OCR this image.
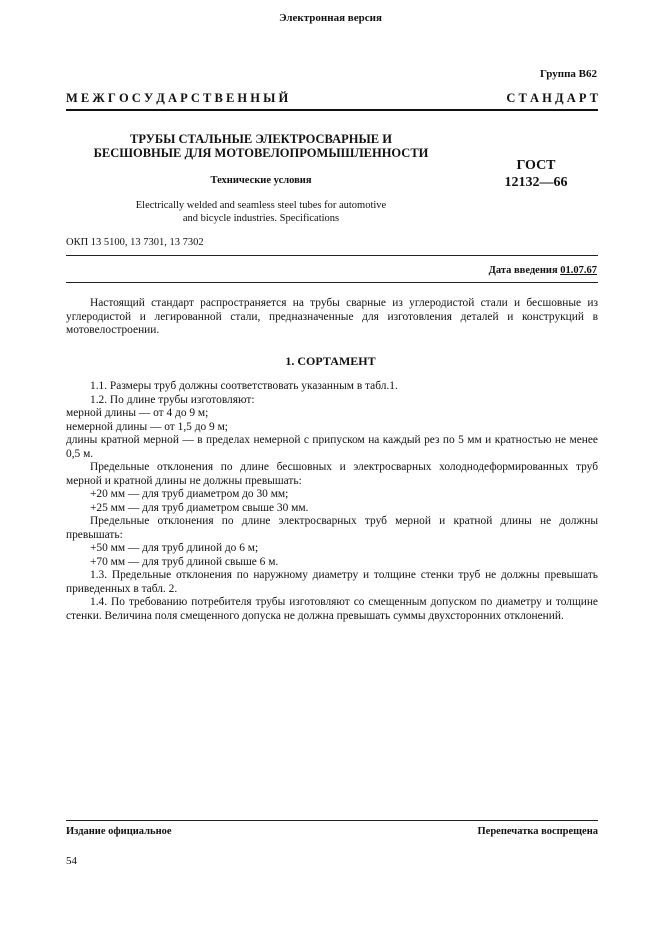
Электронная версия
Группа В62
М Е Ж Г О С У Д А Р С Т В Е Н Н Ы Й	С Т А Н Д А Р Т
ТРУБЫ СТАЛЬНЫЕ ЭЛЕКТРОСВАРНЫЕ И
БЕСШОВНЫЕ ДЛЯ МОТОВЕЛОПРОМЫШЛЕННОСТИ
Технические условия
Electrically welded and seamless steel tubes for automotive
and bicycle industries. Specifications
ГОСТ
12132—66
ОКП 13 5100, 13 7301, 13 7302
Дата введения 01.07.67

Настоящий стандарт распространяется на трубы сварные из углеродистой стали и бесшовные из углеродистой и легированной стали, предназначенные для изготовления деталей и конструкций в мотовелостроении.

1. СОРТАМЕНТ

1.1. Размеры труб должны соответствовать указанным в табл.1.

1.2. По длине трубы изготовляют:

мерной длины — от 4 до 9 м;

немерной длины — от 1,5 до 9 м;

длины кратной мерной — в пределах немерной с припуском на каждый рез по 5 мм и кратностью не менее 0,5 м.

Предельные отклонения по длине бесшовных и электросварных холоднодеформированных труб мерной и кратной длины не должны превышать:

+20 мм — для труб диаметром до 30 мм;

+25 мм — для труб диаметром свыше 30 мм.

Предельные отклонения по длине электросварных труб мерной и кратной длины не должны превышать:

+50 мм — для труб длиной до 6 м;

+70 мм — для труб длиной свыше 6 м.

1.3. Предельные отклонения по наружному диаметру и толщине стенки труб не должны превышать приведенных в табл. 2.

1.4. По требованию потребителя трубы изготовляют со смещенным допуском по диаметру и толщине стенки. Величина поля смещенного допуска не должна превышать суммы двухсторонних отклонений.

Издание официальное	Перепечатка воспрещена
54
